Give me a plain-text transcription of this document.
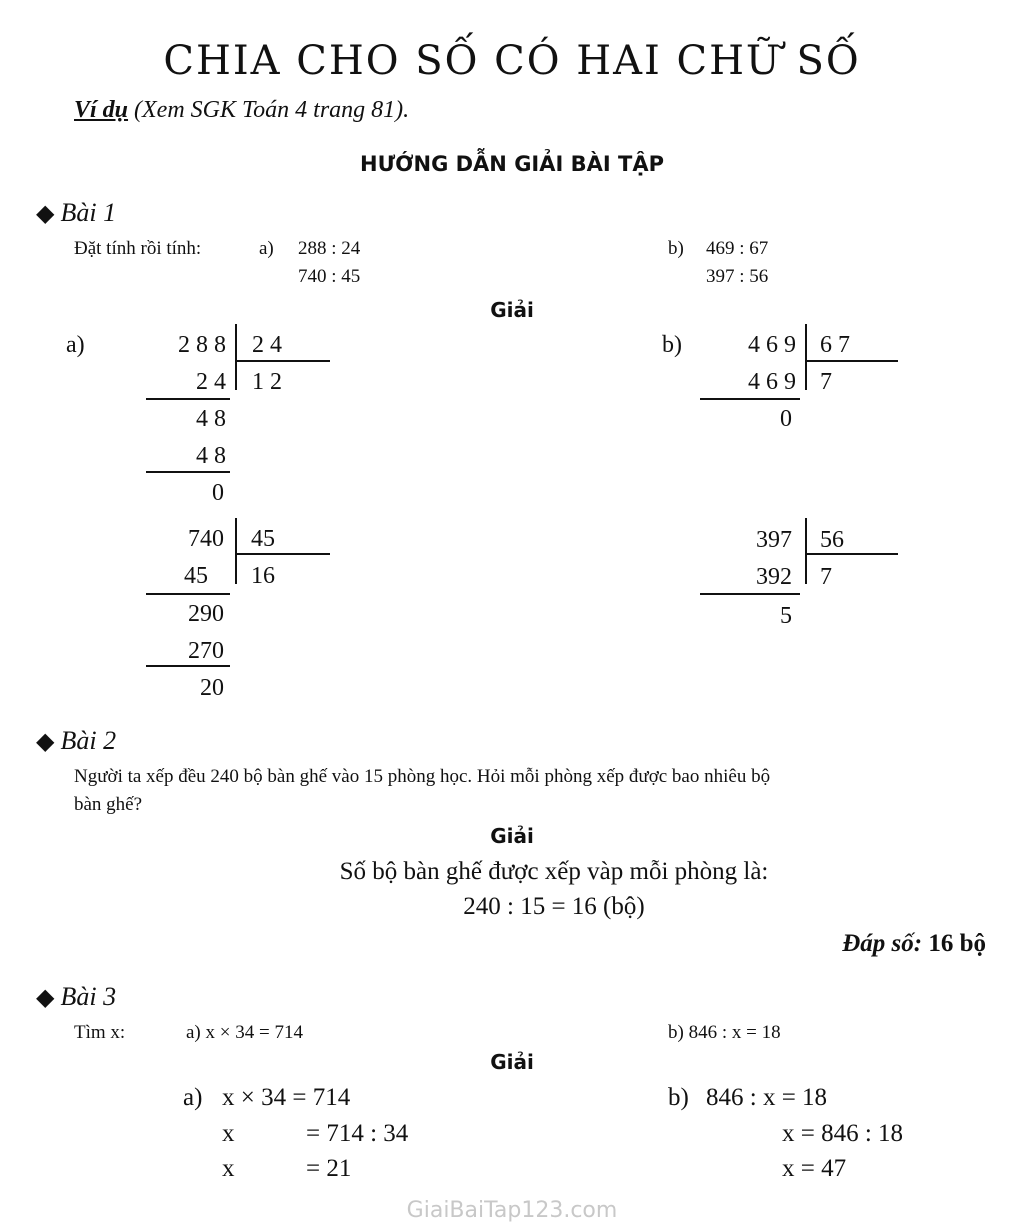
CHIA CHO SỐ CÓ HAI CHỮ SỐ
Ví dụ (Xem SGK Toán 4 trang 81).
HƯỚNG DẪN GIẢI BÀI TẬP
◆ Bài 1
Đặt tính rồi tính:	a) 288 : 24
740 : 45
b) 469 : 67
397 : 56
Giải
a)	288 24
24 12
48
48
0
740 45
45 16
290
270
20
b)	469 67
469 7
0
397 56
392 7
5
◆ Bài 2
Người ta xếp đều 240 bộ bàn ghế vào 15 phòng học. Hỏi mỗi phòng xếp được bao nhiêu bộ
bàn ghế?
Giải
Số bộ bàn ghế được xếp vàp mỗi phòng là:
240 : 15 = 16 (bộ)
Đáp số: 16 bộ
◆ Bài 3
Tìm x:	a) x × 34 = 714	b) 846 : x = 18
Giải
a) x × 34 = 714
x	= 714 : 34
x	= 21
b) 846 : x = 18
x = 846 : 18
x = 47
GiaiBaiTap123.com
